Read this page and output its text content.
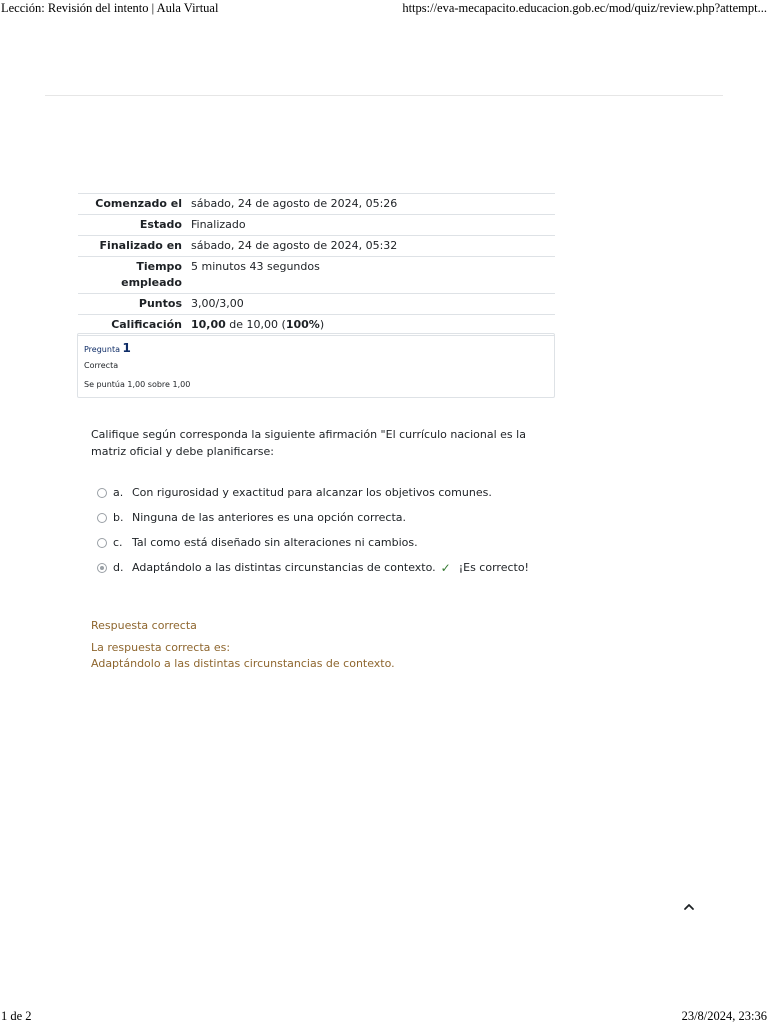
Lección: Revisión del intento | Aula Virtual	https://eva-mecapacito.educacion.gob.ec/mod/quiz/review.php?attempt...
Comenzado el	sábado, 24 de agosto de 2024, 05:26
Estado	Finalizado
Finalizado en	sábado, 24 de agosto de 2024, 05:32
Tiempo empleado	5 minutos 43 segundos
Puntos	3,00/3,00
Calificación	10,00 de 10,00 (100%)
Pregunta 1
Correcta
Se puntúa 1,00 sobre 1,00
Califique según corresponda la siguiente afirmación "El currículo nacional es la matriz oficial y debe planificarse:
a. Con rigurosidad y exactitud para alcanzar los objetivos comunes.
b. Ninguna de las anteriores es una opción correcta.
c. Tal como está diseñado sin alteraciones ni cambios.
d. Adaptándolo a las distintas circunstancias de contexto. ✓ ¡Es correcto!
Respuesta correcta
La respuesta correcta es:
Adaptándolo a las distintas circunstancias de contexto.
1 de 2	23/8/2024, 23:36
